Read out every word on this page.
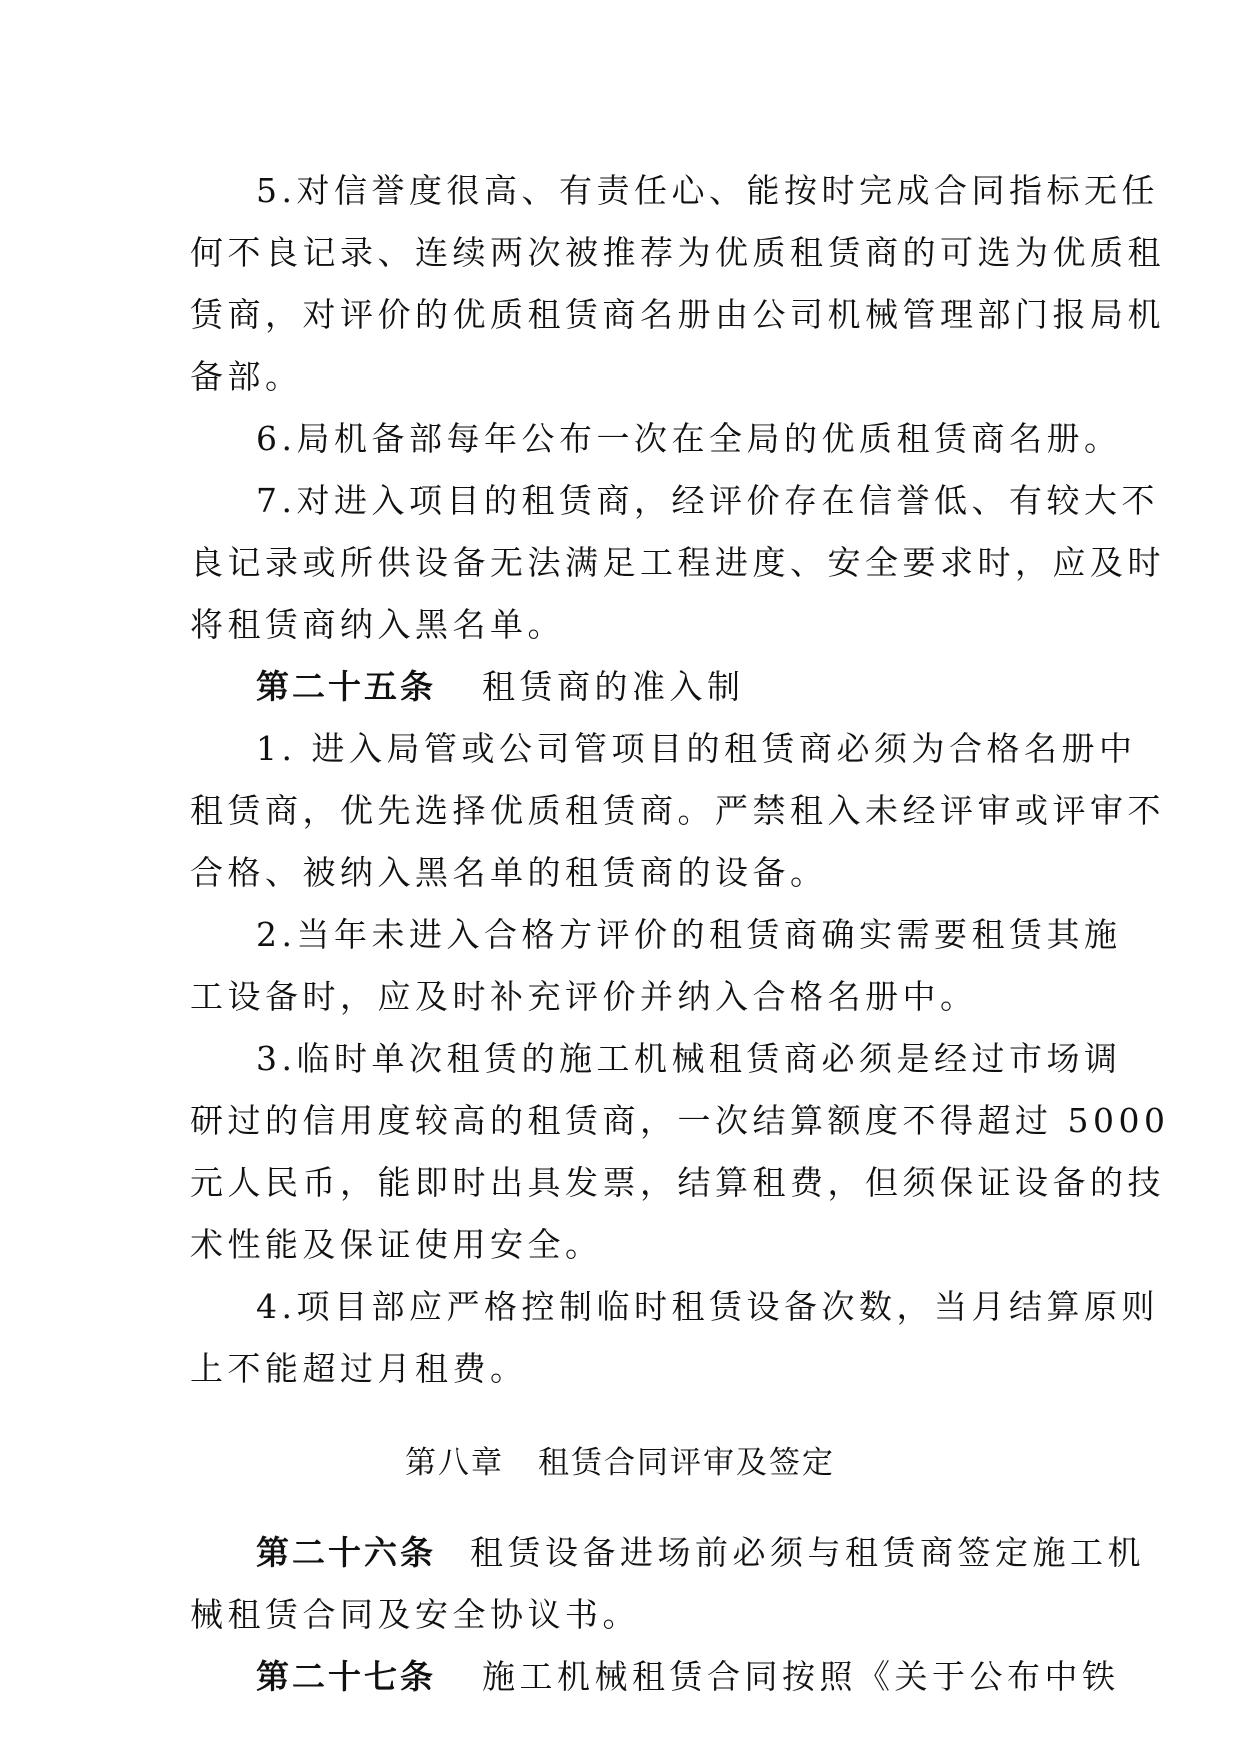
5.对信誉度很高、有责任心、能按时完成合同指标无任
何不良记录、连续两次被推荐为优质租赁商的可选为优质租
赁商，对评价的优质租赁商名册由公司机械管理部门报局机
备部。
6.局机备部每年公布一次在全局的优质租赁商名册。
7.对进入项目的租赁商，经评价存在信誉低、有较大不
良记录或所供设备无法满足工程进度、安全要求时，应及时
将租赁商纳入黑名单。
第二十五条 租赁商的准入制
1. 进入局管或公司管项目的租赁商必须为合格名册中
租赁商，优先选择优质租赁商。严禁租入未经评审或评审不
合格、被纳入黑名单的租赁商的设备。
2.当年未进入合格方评价的租赁商确实需要租赁其施
工设备时，应及时补充评价并纳入合格名册中。
3.临时单次租赁的施工机械租赁商必须是经过市场调
研过的信用度较高的租赁商，一次结算额度不得超过 5000
元人民币，能即时出具发票，结算租费，但须保证设备的技
术性能及保证使用安全。
4.项目部应严格控制临时租赁设备次数，当月结算原则
上不能超过月租费。
第八章 租赁合同评审及签定
第二十六条 租赁设备进场前必须与租赁商签定施工机
械租赁合同及安全协议书。
第二十七条 施工机械租赁合同按照《关于公布中铁
